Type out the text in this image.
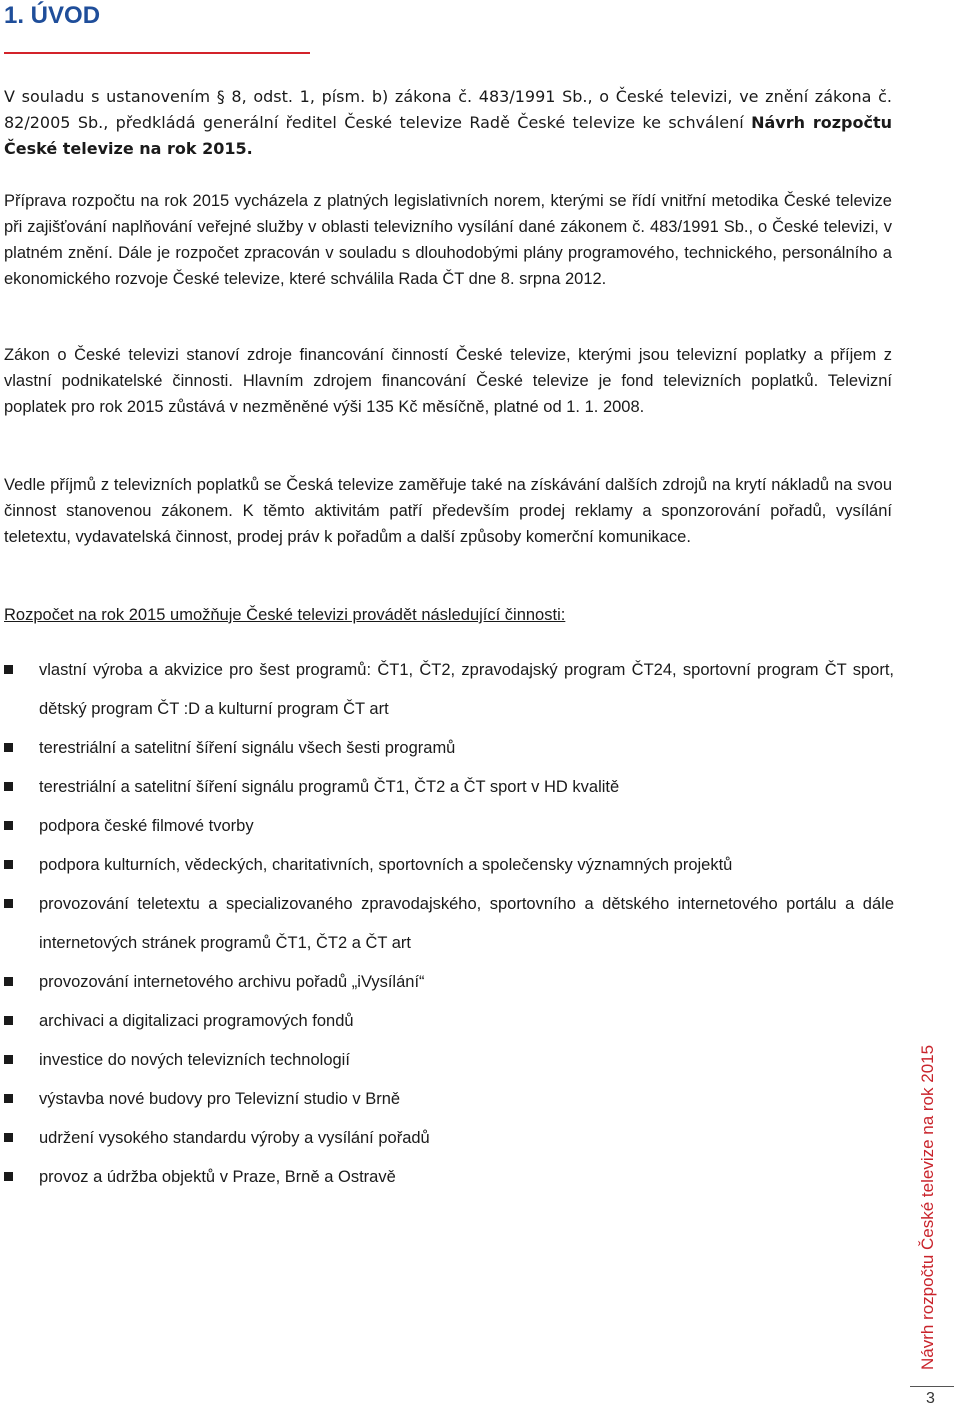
1. ÚVOD

V souladu s ustanovením § 8, odst. 1, písm. b) zákona č. 483/1991 Sb., o České televizi, ve znění zákona č. 82/2005 Sb., předkládá generální ředitel České televize Radě České televize ke schválení Návrh rozpočtu České televize na rok 2015.

Příprava rozpočtu na rok 2015 vycházela z platných legislativních norem, kterými se řídí vnitřní metodika České televize při zajišťování naplňování veřejné služby v oblasti televizního vysílání dané zákonem č. 483/1991 Sb., o České televizi, v platném znění. Dále je rozpočet zpracován v souladu s dlouhodobými plány programového, technického, personálního a ekonomického rozvoje České televize, které schválila Rada ČT dne 8. srpna 2012.

Zákon o České televizi stanoví zdroje financování činností České televize, kterými jsou televizní poplatky a příjem z vlastní podnikatelské činnosti. Hlavním zdrojem financování České televize je fond televizních poplatků. Televizní poplatek pro rok 2015 zůstává v nezměněné výši 135 Kč měsíčně, platné od 1. 1. 2008.

Vedle příjmů z televizních poplatků se Česká televize zaměřuje také na získávání dalších zdrojů na krytí nákladů na svou činnost stanovenou zákonem. K těmto aktivitám patří především prodej reklamy a sponzorování pořadů, vysílání teletextu, vydavatelská činnost, prodej práv k pořadům a další způsoby komerční komunikace.

Rozpočet na rok 2015 umožňuje České televizi provádět následující činnosti:

vlastní výroba a akvizice pro šest programů: ČT1, ČT2, zpravodajský program ČT24, sportovní program ČT sport, dětský program ČT :D a kulturní program ČT art
terestriální a satelitní šíření signálu všech šesti programů
terestriální a satelitní šíření signálu programů ČT1, ČT2 a ČT sport v HD kvalitě
podpora české filmové tvorby
podpora kulturních, vědeckých, charitativních, sportovních a společensky významných projektů
provozování teletextu a specializovaného zpravodajského, sportovního a dětského internetového portálu a dále internetových stránek programů ČT1, ČT2 a ČT art
provozování internetového archivu pořadů „iVysílání“
archivaci a digitalizaci programových fondů
investice do nových televizních technologií
výstavba nové budovy pro Televizní studio v Brně
udržení vysokého standardu výroby a vysílání pořadů
provoz a údržba objektů v Praze, Brně a Ostravě	Návrh rozpočtu České televize na rok 2015
3
